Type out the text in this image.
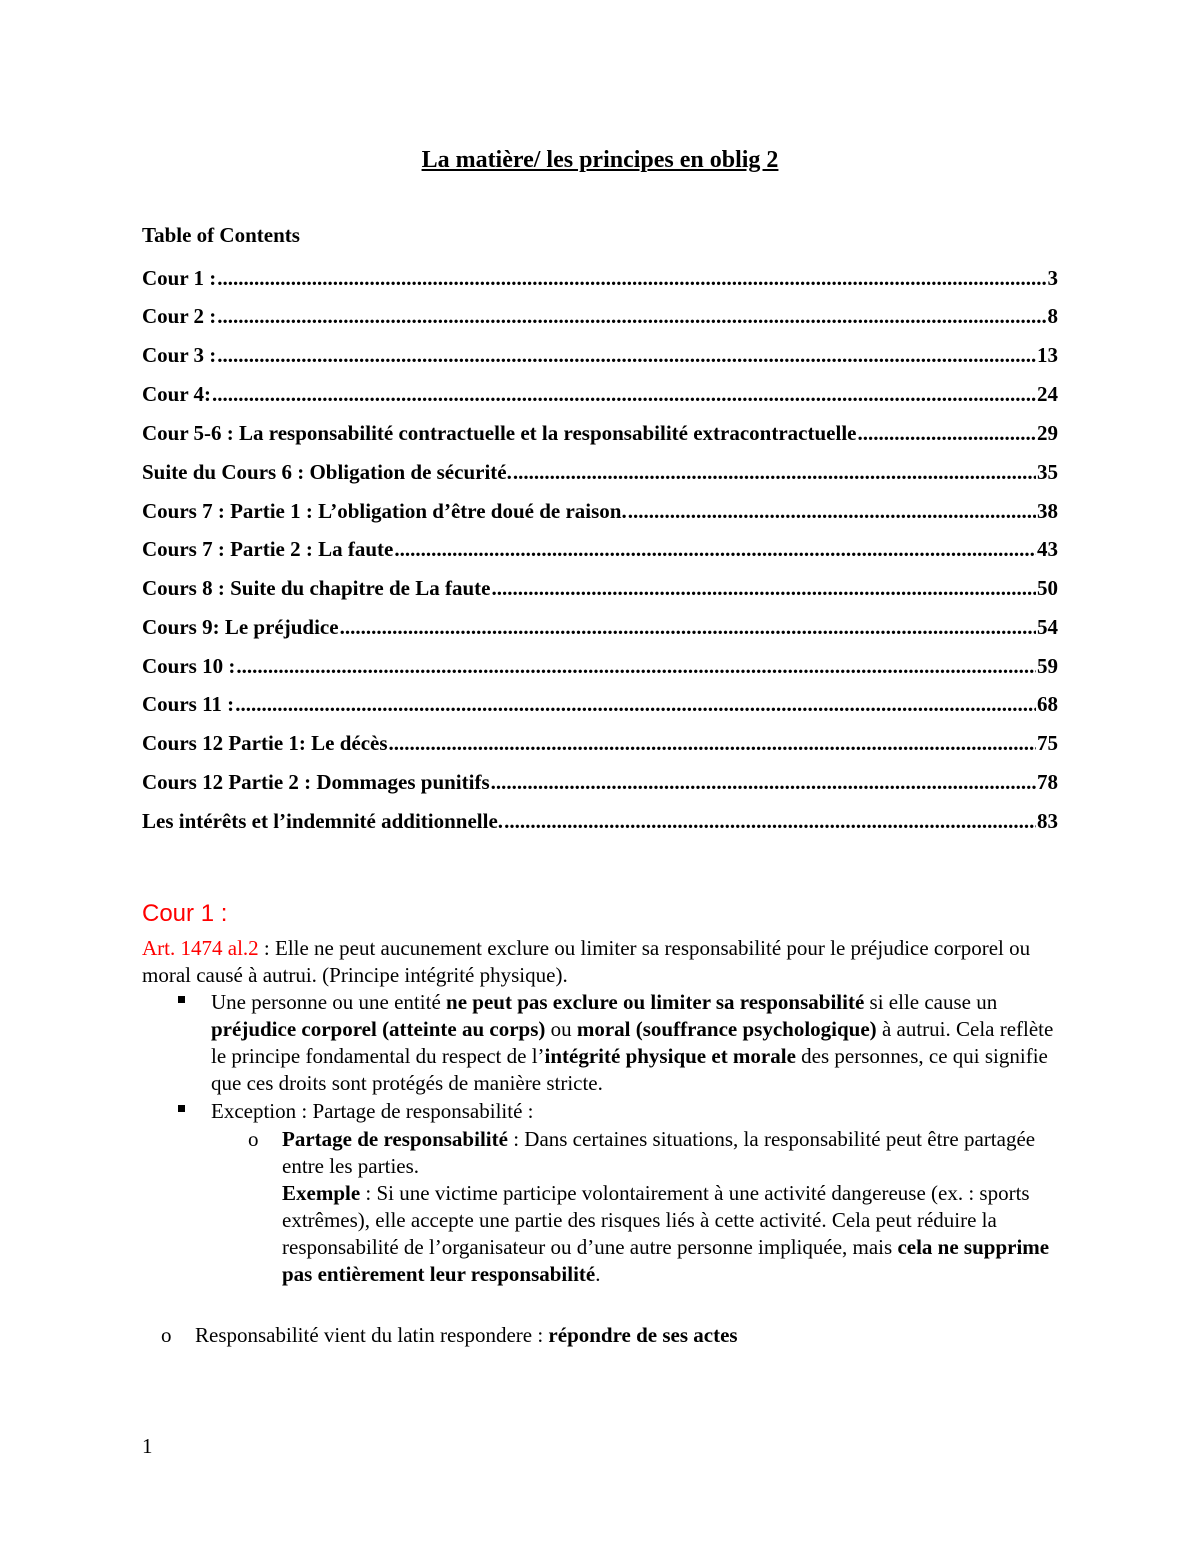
La matière/ les principes en oblig 2
Table of Contents
Cour 1 : .....	3
Cour 2 : .....	8
Cour 3 : .....	13
Cour 4: .....	24
Cour 5-6 : La responsabilité contractuelle et la responsabilité extracontractuelle .....	29
Suite du Cours 6 : Obligation de sécurité. .....	35
Cours 7 : Partie 1 : L’obligation d’être doué de raison. .....	38
Cours 7 : Partie 2 : La faute .....	43
Cours 8 : Suite du chapitre de La faute .....	50
Cours 9: Le préjudice .....	54
Cours 10 : .....	59
Cours 11 : .....	68
Cours 12 Partie 1: Le décès .....	75
Cours 12 Partie 2 : Dommages punitifs .....	78
Les intérêts et l’indemnité additionnelle. .....	83
Cour 1 :
Art. 1474 al.2 : Elle ne peut aucunement exclure ou limiter sa responsabilité pour le préjudice corporel ou moral causé à autrui. (Principe intégrité physique).
Une personne ou une entité ne peut pas exclure ou limiter sa responsabilité si elle cause un préjudice corporel (atteinte au corps) ou moral (souffrance psychologique) à autrui. Cela reflète le principe fondamental du respect de l’intégrité physique et morale des personnes, ce qui signifie que ces droits sont protégés de manière stricte.
Exception : Partage de responsabilité :
o Partage de responsabilité : Dans certaines situations, la responsabilité peut être partagée entre les parties.
Exemple : Si une victime participe volontairement à une activité dangereuse (ex. : sports extrêmes), elle accepte une partie des risques liés à cette activité. Cela peut réduire la responsabilité de l’organisateur ou d’une autre personne impliquée, mais cela ne supprime pas entièrement leur responsabilité.
o Responsabilité vient du latin respondere : répondre de ses actes
1
